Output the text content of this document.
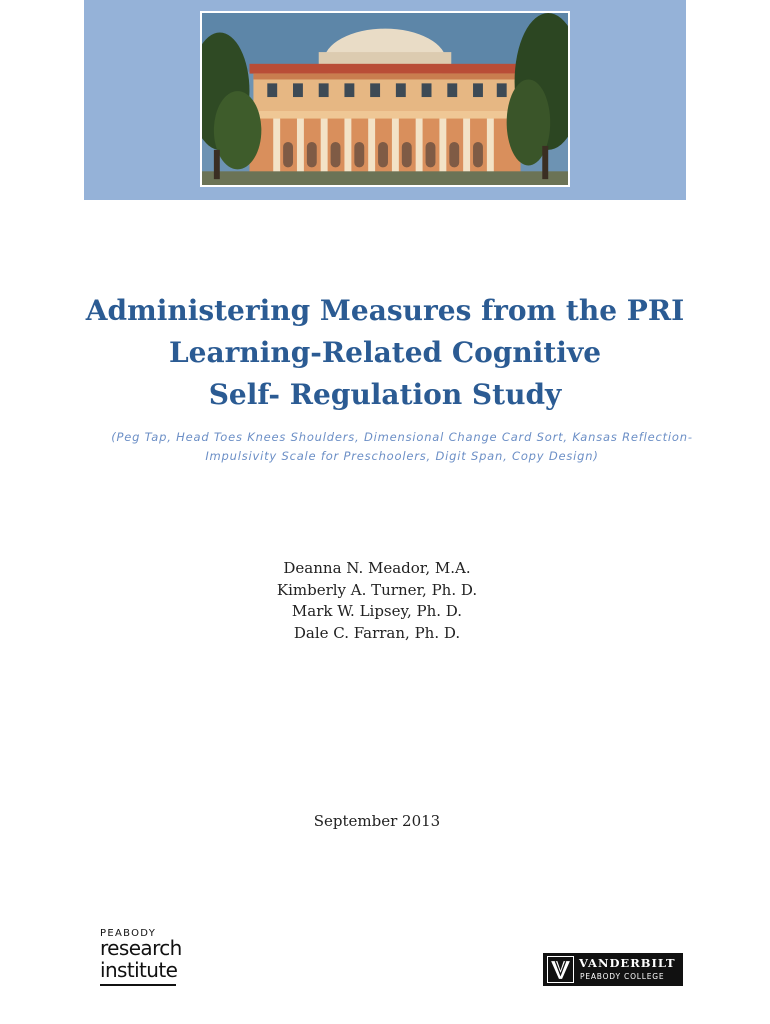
Administering Measures from the PRI
Learning-Related Cognitive
Self- Regulation Study
(Peg Tap, Head Toes Knees Shoulders, Dimensional Change Card Sort, Kansas Reflection-
Impulsivity Scale for Preschoolers, Digit Span, Copy Design)
Deanna N. Meador, M.A.
Kimberly A. Turner, Ph. D.
Mark W. Lipsey, Ph. D.
Dale C. Farran, Ph. D.
September 2013
PEABODY
research
institute	VANDERBILT
PEABODY COLLEGE
